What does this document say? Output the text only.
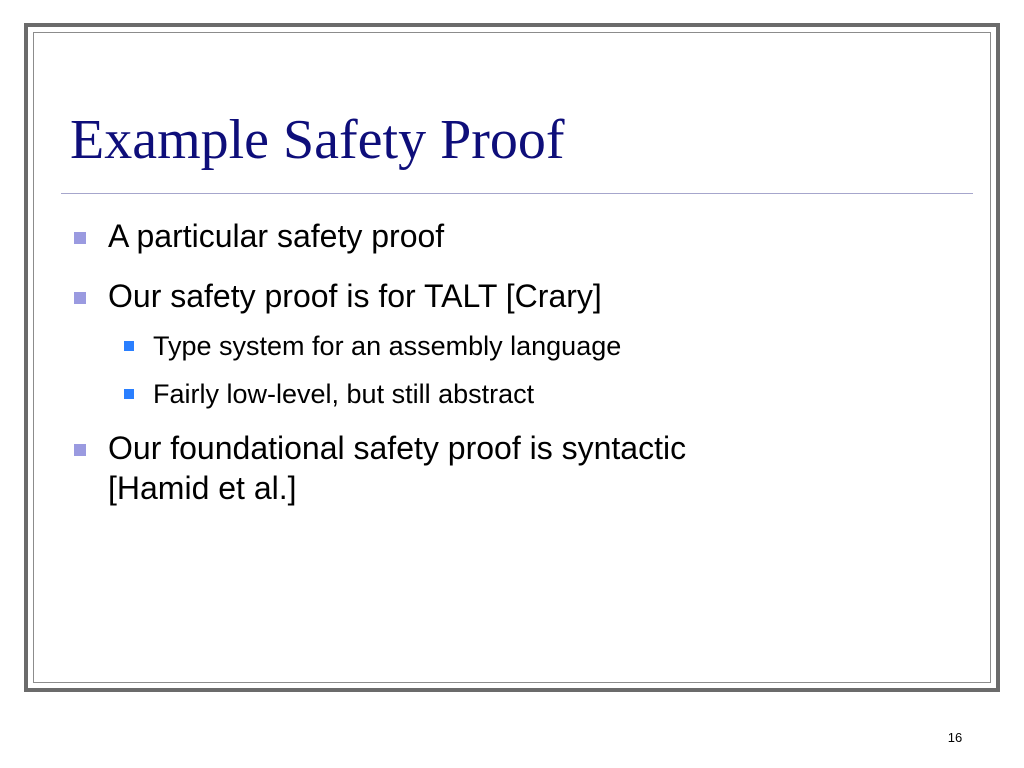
Example Safety Proof
A particular safety proof
Our safety proof is for TALT [Crary]
Type system for an assembly language
Fairly low-level, but still abstract
Our foundational safety proof is syntactic
[Hamid et al.]
16
